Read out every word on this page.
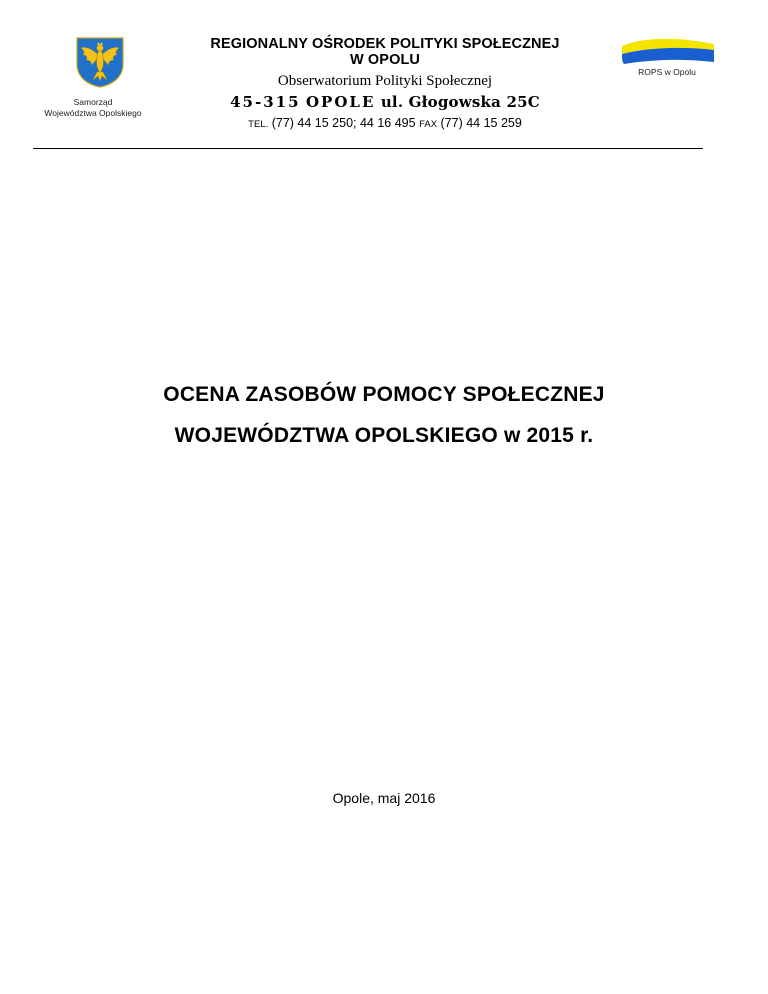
Samorząd
Województwa Opolskiego
REGIONALNY OŚRODEK POLITYKI SPOŁECZNEJ
W OPOLU
Obserwatorium Polityki Społecznej
45-315 OPOLE ul. Głogowska 25C
TEL. (77) 44 15 250; 44 16 495 FAX (77) 44 15 259
ROPS w Opolu
OCENA ZASOBÓW POMOCY SPOŁECZNEJ
WOJEWÓDZTWA OPOLSKIEGO w 2015 r.
Opole, maj 2016
